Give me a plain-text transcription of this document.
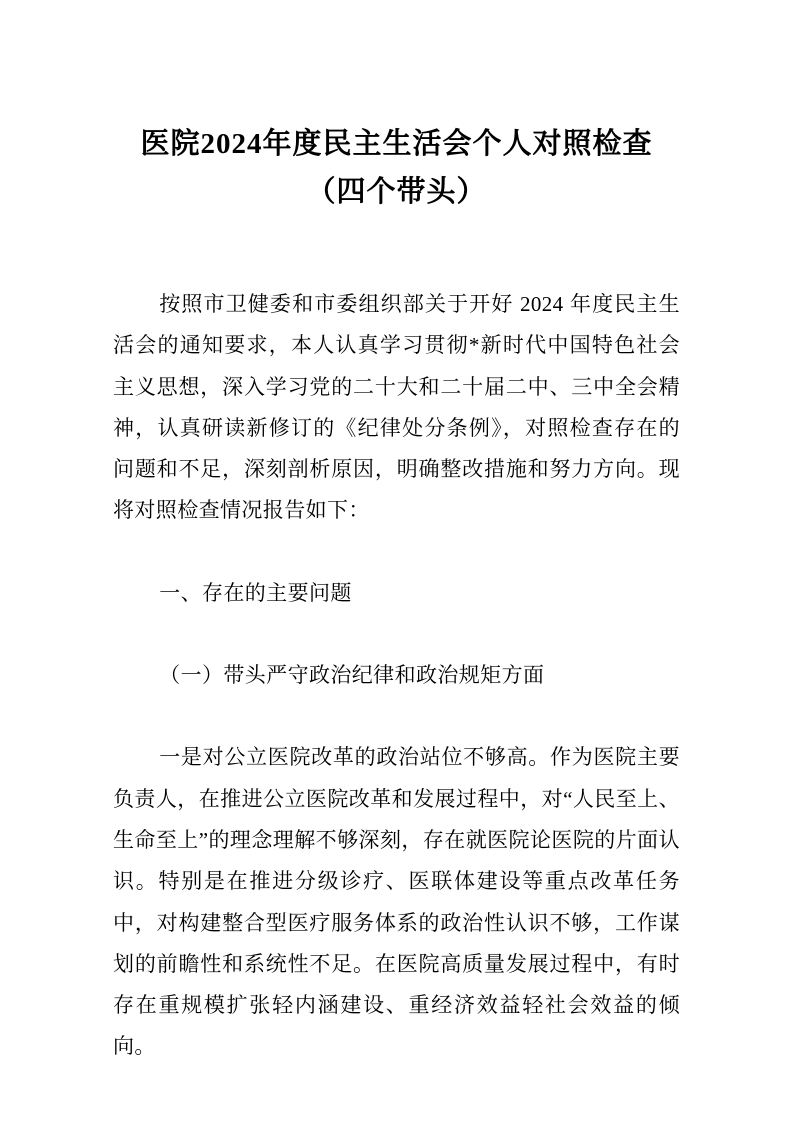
医院2024年度民主生活会个人对照检查（四个带头）

按照市卫健委和市委组织部关于开好 2024 年度民主生活会的通知要求，本人认真学习贯彻*新时代中国特色社会主义思想，深入学习党的二十大和二十届二中、三中全会精神，认真研读新修订的《纪律处分条例》，对照检查存在的问题和不足，深刻剖析原因，明确整改措施和努力方向。现将对照检查情况报告如下：

一、存在的主要问题

（一）带头严守政治纪律和政治规矩方面

一是对公立医院改革的政治站位不够高。作为医院主要负责人，在推进公立医院改革和发展过程中，对“人民至上、生命至上”的理念理解不够深刻，存在就医院论医院的片面认识。特别是在推进分级诊疗、医联体建设等重点改革任务中，对构建整合型医疗服务体系的政治性认识不够，工作谋划的前瞻性和系统性不足。在医院高质量发展过程中，有时存在重规模扩张轻内涵建设、重经济效益轻社会效益的倾向。
